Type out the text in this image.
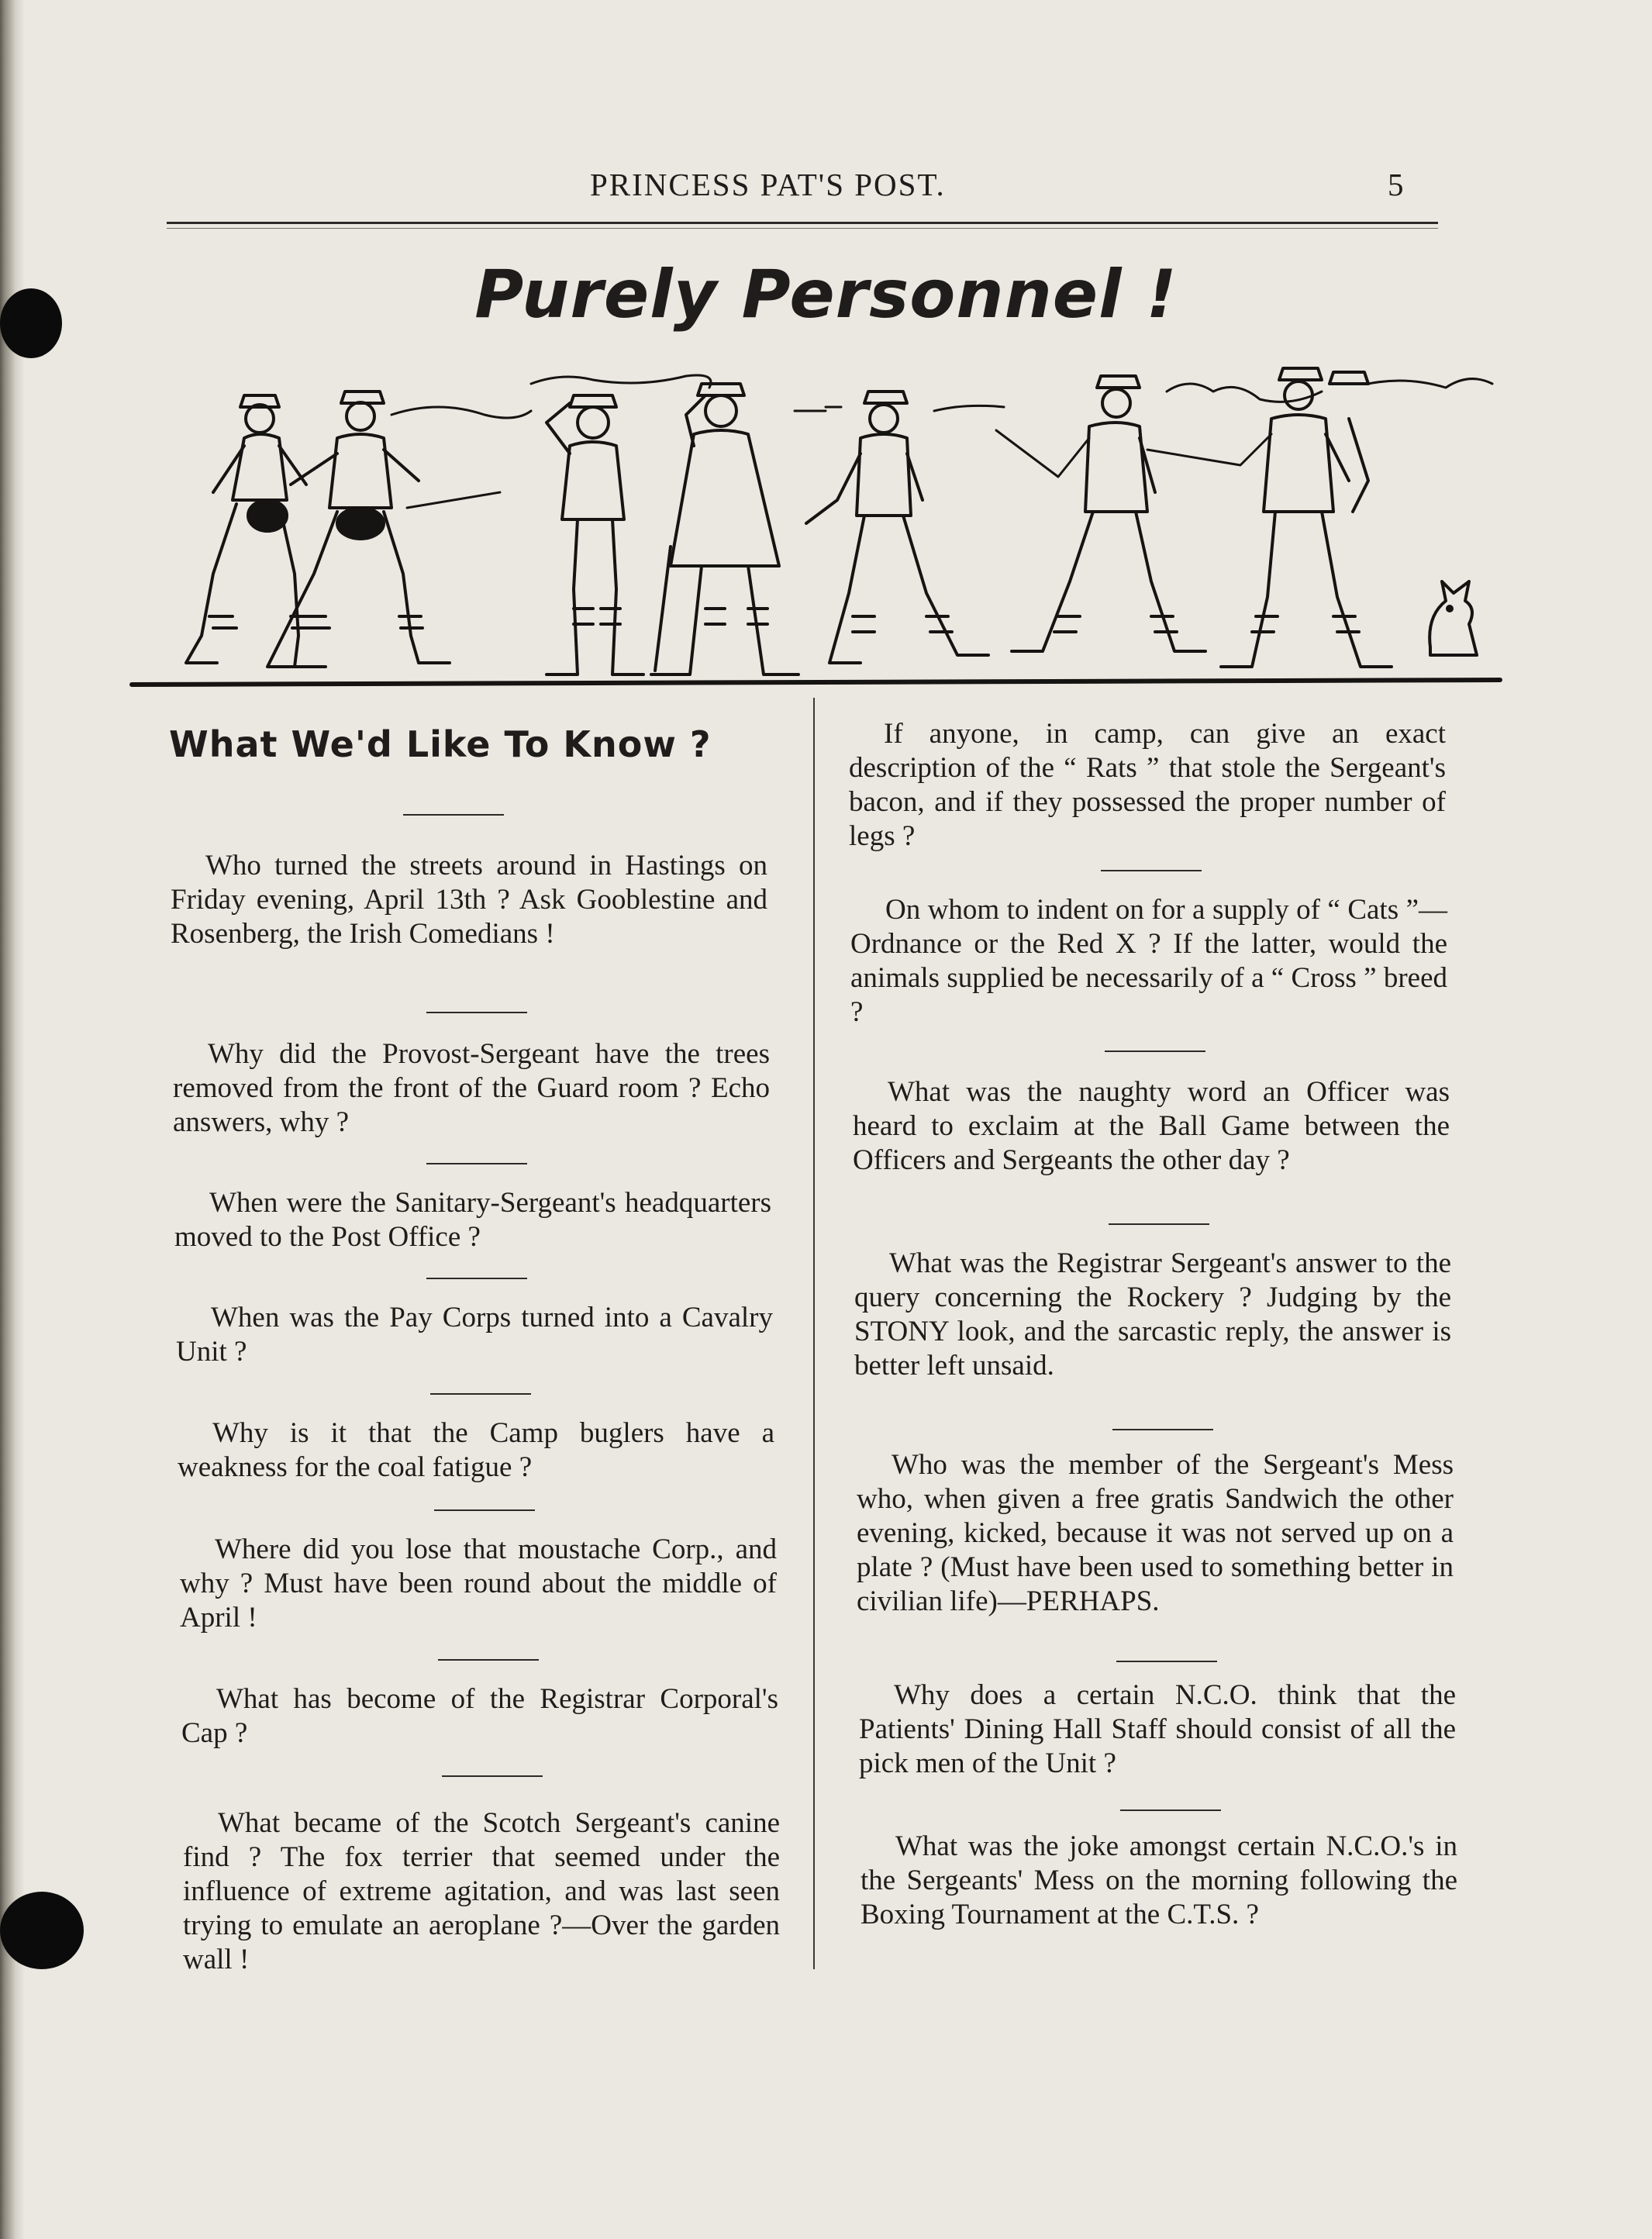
PRINCESS PAT'S POST.	5
Purely Personnel !
What We'd Like To Know ?
Who turned the streets around in Hastings on Friday evening, April 13th ? Ask Gooblestine and Rosenberg, the Irish Comedians !
Why did the Provost-Sergeant have the trees removed from the front of the Guard room ? Echo answers, why ?
When were the Sanitary-Sergeant's headquarters moved to the Post Office ?
When was the Pay Corps turned into a Cavalry Unit ?
Why is it that the Camp buglers have a weakness for the coal fatigue ?
Where did you lose that moustache Corp., and why ? Must have been round about the middle of April !
What has become of the Registrar Corporal's Cap ?
What became of the Scotch Sergeant's canine find ? The fox terrier that seemed under the influence of extreme agitation, and was last seen trying to emulate an aeroplane ?—Over the garden wall !
If anyone, in camp, can give an exact description of the “ Rats ” that stole the Sergeant's bacon, and if they possessed the proper number of legs ?
On whom to indent on for a supply of “ Cats ”—Ordnance or the Red X ? If the latter, would the animals supplied be necessarily of a “ Cross ” breed ?
What was the naughty word an Officer was heard to exclaim at the Ball Game between the Officers and Sergeants the other day ?
What was the Registrar Sergeant's answer to the query concerning the Rockery ? Judging by the STONY look, and the sarcastic reply, the answer is better left unsaid.
Who was the member of the Sergeant's Mess who, when given a free gratis Sandwich the other evening, kicked, because it was not served up on a plate ? (Must have been used to something better in civilian life)—PERHAPS.
Why does a certain N.C.O. think that the Patients' Dining Hall Staff should consist of all the pick men of the Unit ?
What was the joke amongst certain N.C.O.'s in the Sergeants' Mess on the morning following the Boxing Tournament at the C.T.S. ?
